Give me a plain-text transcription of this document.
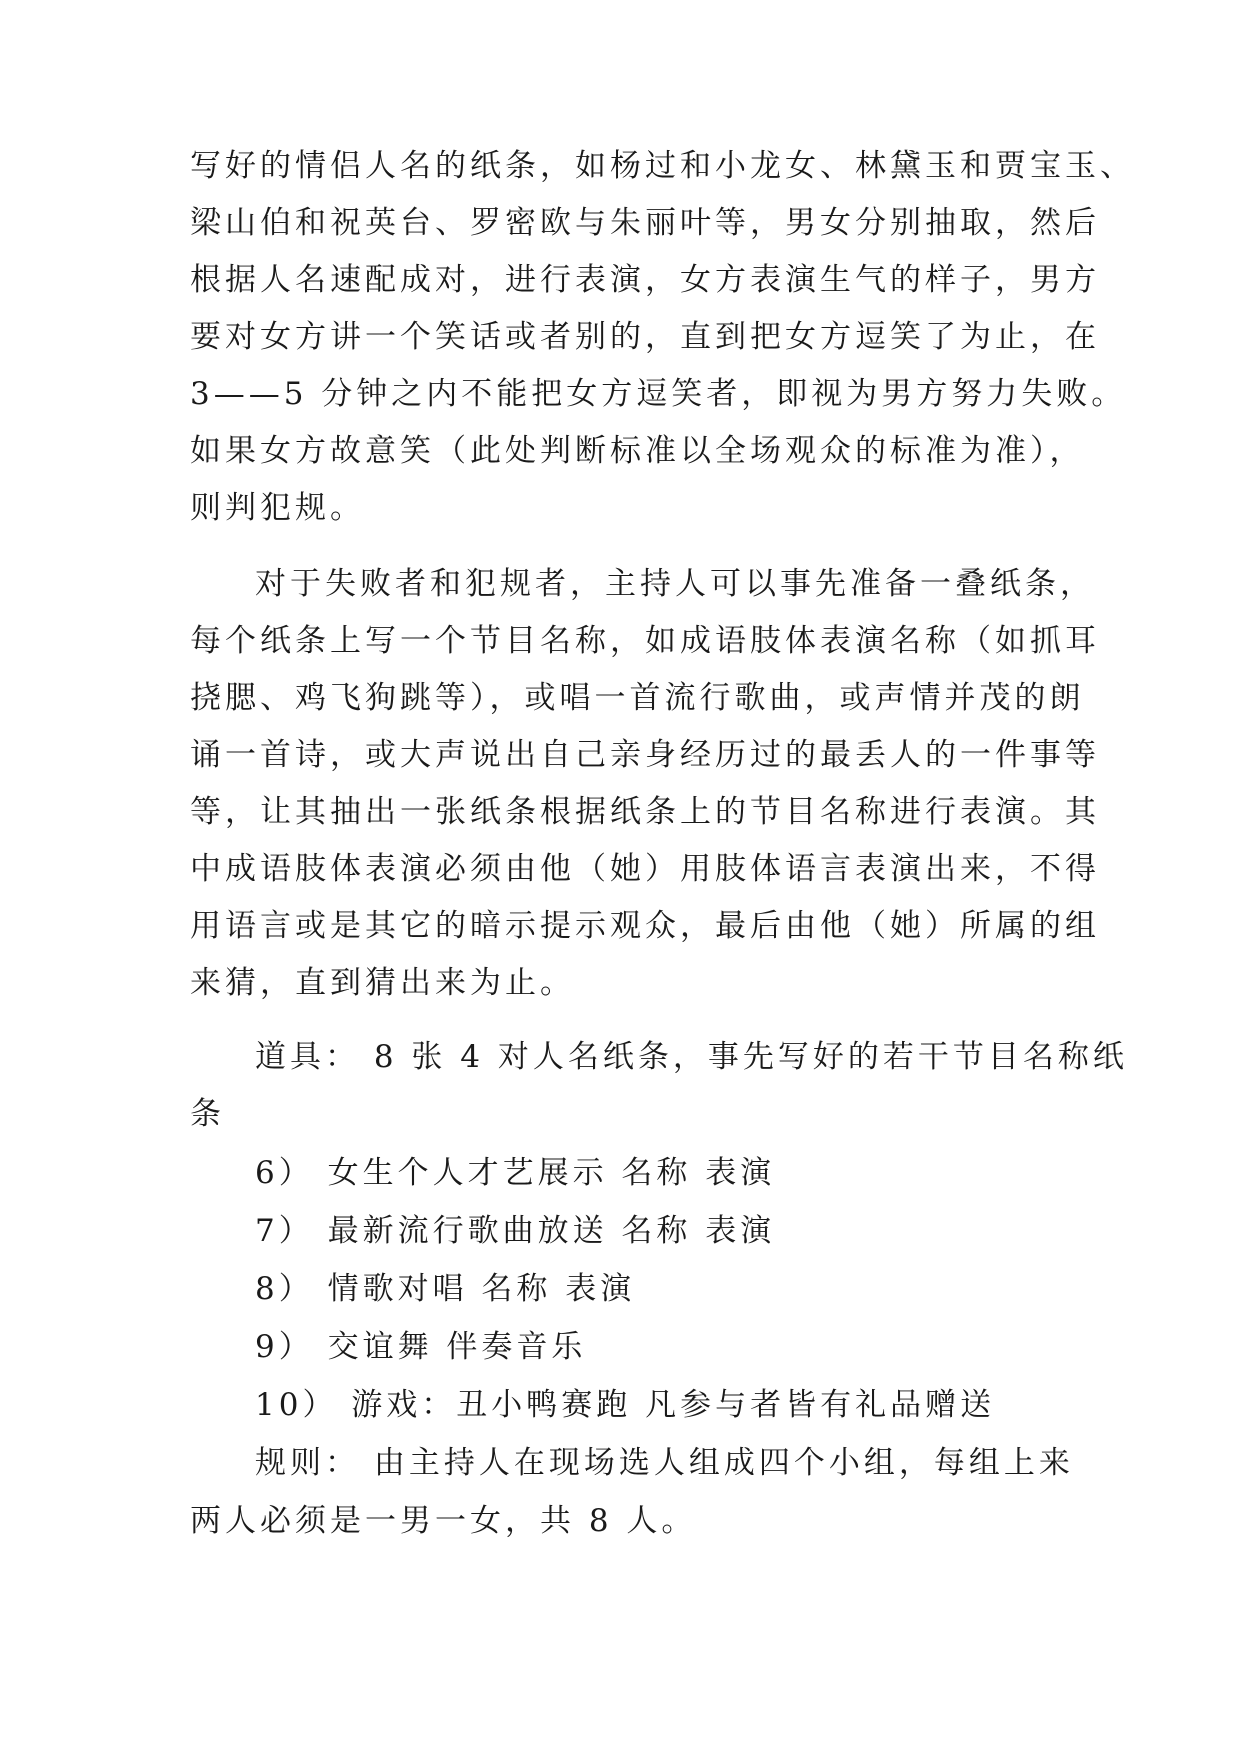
写好的情侣人名的纸条，如杨过和小龙女、林黛玉和贾宝玉、

梁山伯和祝英台、罗密欧与朱丽叶等，男女分别抽取，然后

根据人名速配成对，进行表演，女方表演生气的样子，男方

要对女方讲一个笑话或者别的，直到把女方逗笑了为止，在

3——5 分钟之内不能把女方逗笑者，即视为男方努力失败。

如果女方故意笑（此处判断标准以全场观众的标准为准），

则判犯规。

对于失败者和犯规者，主持人可以事先准备一叠纸条，

每个纸条上写一个节目名称，如成语肢体表演名称（如抓耳

挠腮、鸡飞狗跳等），或唱一首流行歌曲，或声情并茂的朗

诵一首诗，或大声说出自己亲身经历过的最丢人的一件事等

等，让其抽出一张纸条根据纸条上的节目名称进行表演。其

中成语肢体表演必须由他（她）用肢体语言表演出来，不得

用语言或是其它的暗示提示观众，最后由他（她）所属的组

来猜，直到猜出来为止。

道具： 8 张 4 对人名纸条，事先写好的若干节目名称纸

条

6） 女生个人才艺展示 名称 表演

7） 最新流行歌曲放送 名称 表演

8） 情歌对唱 名称 表演

9） 交谊舞 伴奏音乐

10） 游戏：丑小鸭赛跑 凡参与者皆有礼品赠送

规则： 由主持人在现场选人组成四个小组，每组上来

两人必须是一男一女，共 8 人。
